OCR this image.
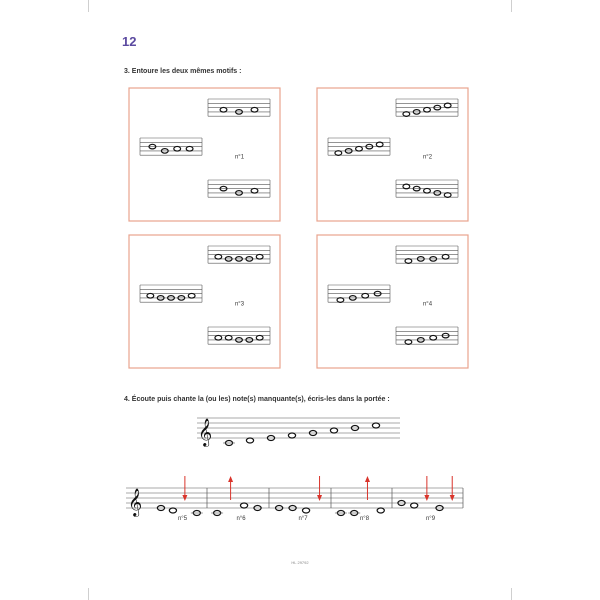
12
3. Entoure les deux mêmes motifs :
n°1	n°2
n°3	n°4
4. Écoute puis chante la (ou les) note(s) manquante(s), écris-les dans la portée :
𝄞
𝄞
n°5	n°6	n°7	n°8	n°9
HL 29792
